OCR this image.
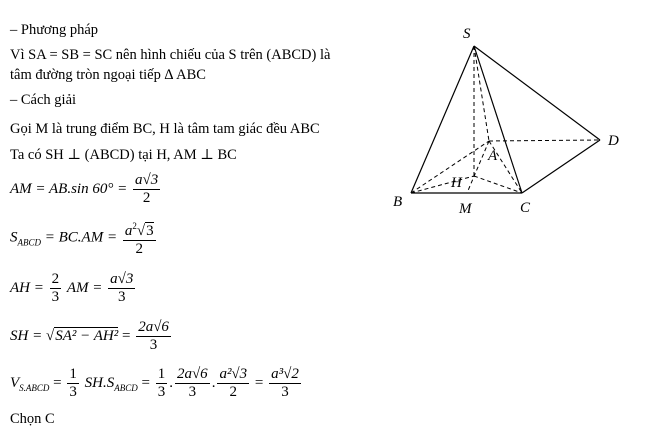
– Phương pháp
Vì SA = SB = SC nên hình chiếu của S trên (ABCD) là
tâm đường tròn ngoại tiếp ∆ ABC
– Cách giải
Gọi M là trung điểm BC, H là tâm tam giác đều ABC
Ta có SH ⊥ (ABCD) tại H, AM ⊥ BC
AM = AB.sin $60^\circ = \frac{a√3}{2}$
$S_{ABCD} = BC.AM = \frac{a^2√3}{2}$
AH = $\frac{2}{3}$ AM = $\frac{a√3}{3}$
SH = $√SA^2 - AH^2 = \frac{2a√6}{3}$
$V_{S.ABCD} = \frac{1}{3} SH.S_{ABCD} = \frac{1}{3}$ . $\frac{2a√6}{3}$ . $\frac{\text{a²√3}}{2} = \frac{\text{a³√2}}{3}$
Chọn C
S
A
B	C
D
H
M
